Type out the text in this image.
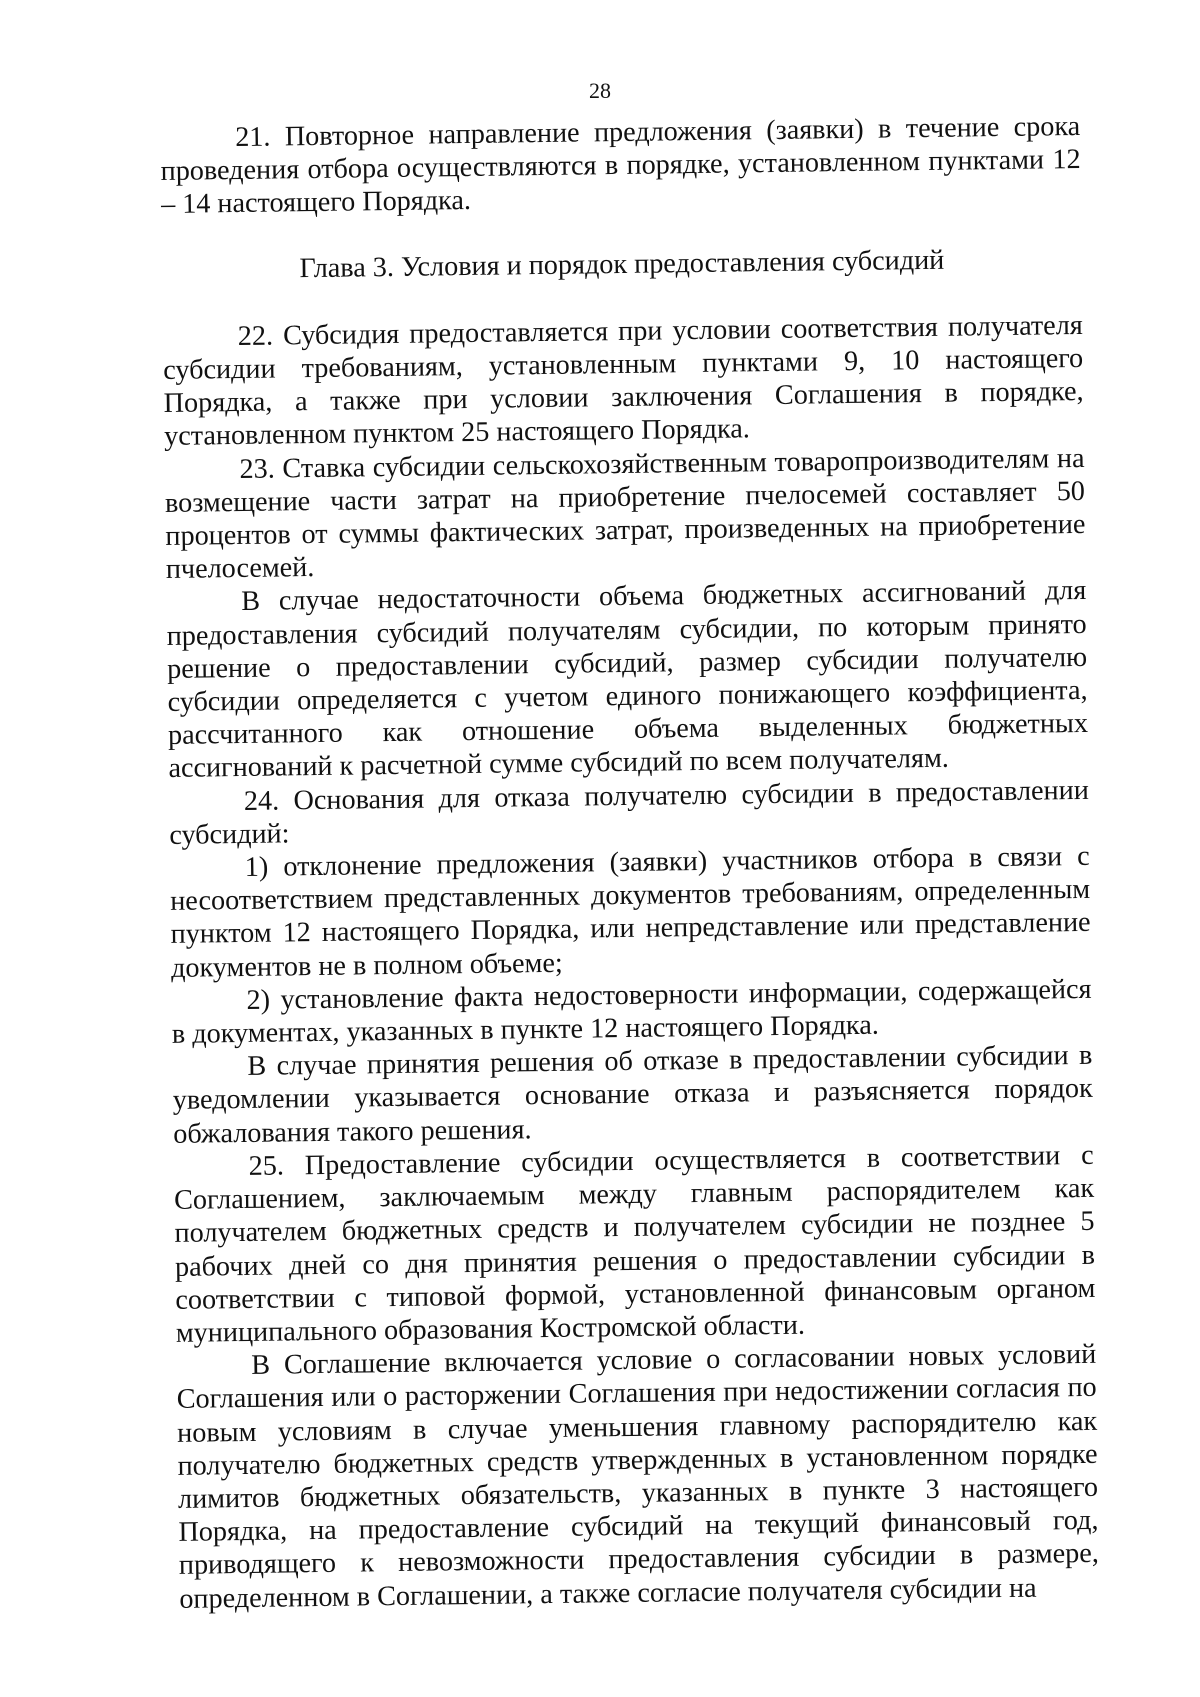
28

21. Повторное направление предложения (заявки) в течение срока проведения отбора осуществляются в порядке, установленном пунктами 12 – 14 настоящего Порядка.

Глава 3. Условия и порядок предоставления субсидий

22. Субсидия предоставляется при условии соответствия получателя субсидии требованиям, установленным пунктами 9, 10 настоящего Порядка, а также при условии заключения Соглашения в порядке, установленном пунктом 25 настоящего Порядка.

23. Ставка субсидии сельскохозяйственным товаропроизводителям на возмещение части затрат на приобретение пчелосемей составляет 50 процентов от суммы фактических затрат, произведенных на приобретение пчелосемей.

В случае недостаточности объема бюджетных ассигнований для предоставления субсидий получателям субсидии, по которым принято решение о предоставлении субсидий, размер субсидии получателю субсидии определяется с учетом единого понижающего коэффициента, рассчитанного как отношение объема выделенных бюджетных ассигнований к расчетной сумме субсидий по всем получателям.

24. Основания для отказа получателю субсидии в предоставлении субсидий:

1) отклонение предложения (заявки) участников отбора в связи с несоответствием представленных документов требованиям, определенным пунктом 12 настоящего Порядка, или непредставление или представление документов не в полном объеме;

2) установление факта недостоверности информации, содержащейся в документах, указанных в пункте 12 настоящего Порядка.

В случае принятия решения об отказе в предоставлении субсидии в уведомлении указывается основание отказа и разъясняется порядок обжалования такого решения.

25. Предоставление субсидии осуществляется в соответствии с Соглашением, заключаемым между главным распорядителем как получателем бюджетных средств и получателем субсидии не позднее 5 рабочих дней со дня принятия решения о предоставлении субсидии в соответствии с типовой формой, установленной финансовым органом муниципального образования Костромской области.

В Соглашение включается условие о согласовании новых условий Соглашения или о расторжении Соглашения при недостижении согласия по новым условиям в случае уменьшения главному распорядителю как получателю бюджетных средств утвержденных в установленном порядке лимитов бюджетных обязательств, указанных в пункте 3 настоящего Порядка, на предоставление субсидий на текущий финансовый год, приводящего к невозможности предоставления субсидии в размере, определенном в Соглашении, а также согласие получателя субсидии на
